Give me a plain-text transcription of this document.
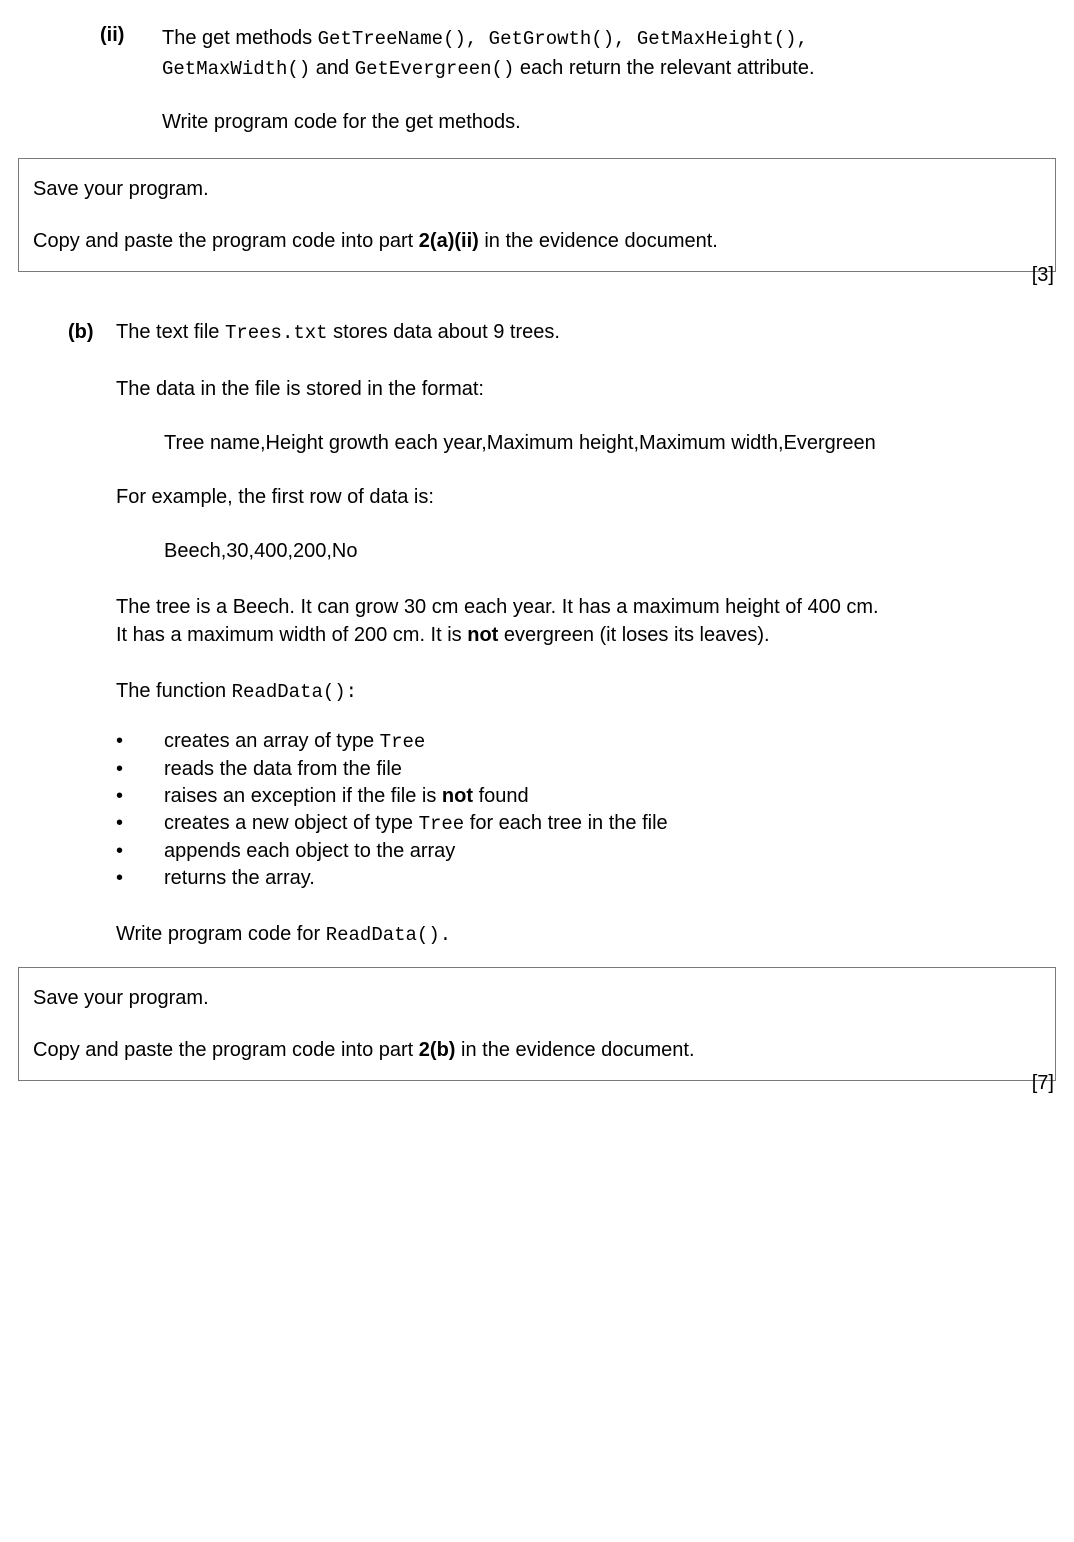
(ii) The get methods GetTreeName(), GetGrowth(), GetMaxHeight(),
GetMaxWidth() and GetEvergreen() each return the relevant attribute.
Write program code for the get methods.
Save your program.
Copy and paste the program code into part 2(a)(ii) in the evidence document.
[3]
(b) The text file Trees.txt stores data about 9 trees.
The data in the file is stored in the format:
Tree name,Height growth each year,Maximum height,Maximum width,Evergreen
For example, the first row of data is:
Beech,30,400,200,No
The tree is a Beech. It can grow 30 cm each year. It has a maximum height of 400 cm.
It has a maximum width of 200 cm. It is not evergreen (it loses its leaves).
The function ReadData():
• creates an array of type Tree
• reads the data from the file
• raises an exception if the file is not found
• creates a new object of type Tree for each tree in the file
• appends each object to the array
• returns the array.
Write program code for ReadData().
Save your program.
Copy and paste the program code into part 2(b) in the evidence document.
[7]
